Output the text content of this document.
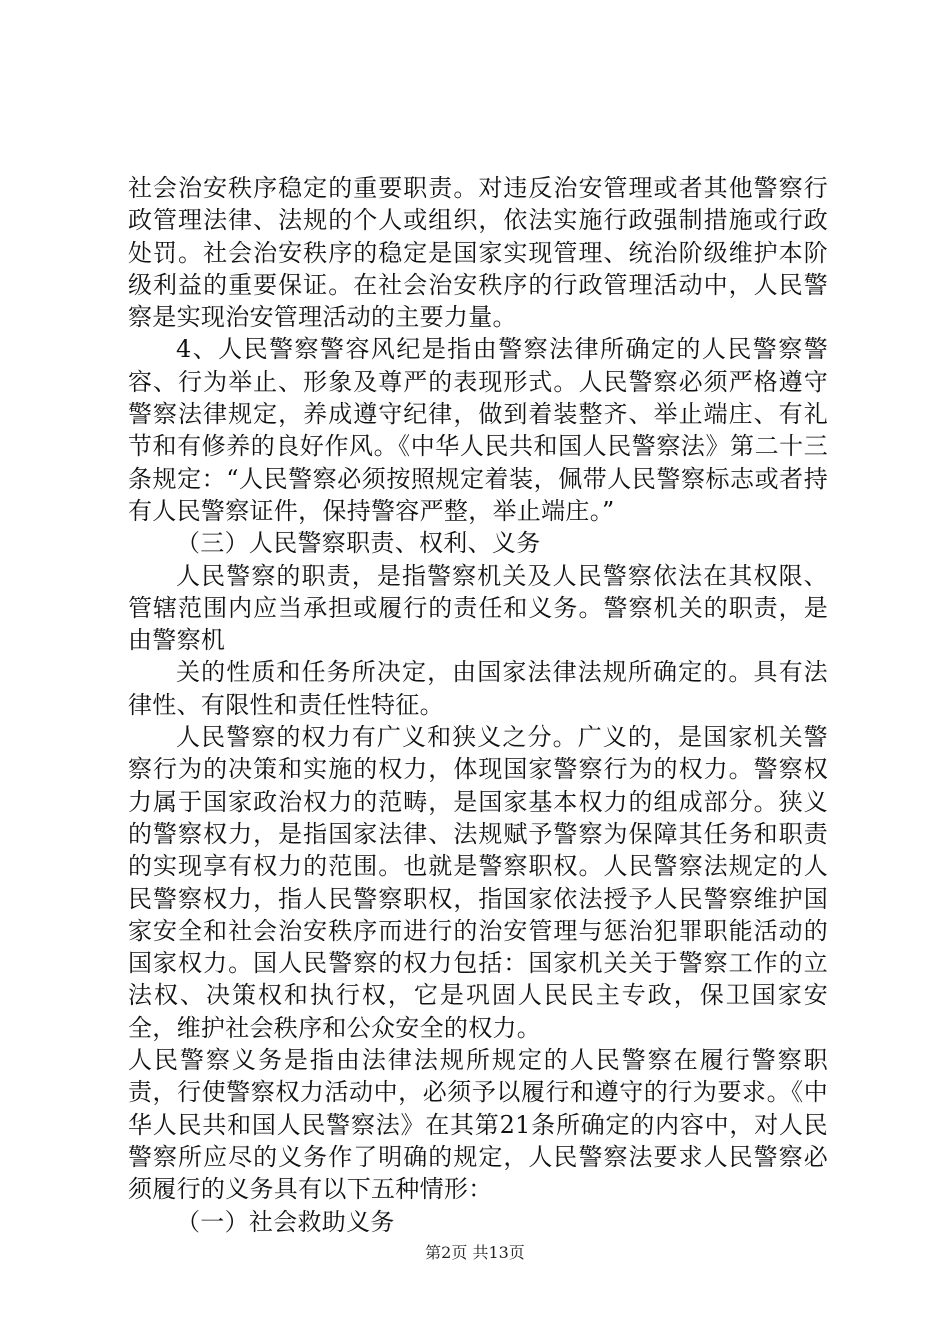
社会治安秩序稳定的重要职责。对违反治安管理或者其他警察行政管理法律、法规的个人或组织，依法实施行政强制措施或行政处罚。社会治安秩序的稳定是国家实现管理、统治阶级维护本阶级利益的重要保证。在社会治安秩序的行政管理活动中，人民警察是实现治安管理活动的主要力量。

4、人民警察警容风纪是指由警察法律所确定的人民警察警容、行为举止、形象及尊严的表现形式。人民警察必须严格遵守警察法律规定，养成遵守纪律，做到着装整齐、举止端庄、有礼节和有修养的良好作风。《中华人民共和国人民警察法》第二十三条规定：“人民警察必须按照规定着装，佩带人民警察标志或者持有人民警察证件，保持警容严整，举止端庄。”

（三）人民警察职责、权利、义务

人民警察的职责，是指警察机关及人民警察依法在其权限、管辖范围内应当承担或履行的责任和义务。警察机关的职责，是由警察机

关的性质和任务所决定，由国家法律法规所确定的。具有法律性、有限性和责任性特征。

人民警察的权力有广义和狭义之分。广义的，是国家机关警察行为的决策和实施的权力，体现国家警察行为的权力。警察权力属于国家政治权力的范畴，是国家基本权力的组成部分。狭义的警察权力，是指国家法律、法规赋予警察为保障其任务和职责的实现享有权力的范围。也就是警察职权。人民警察法规定的人民警察权力，指人民警察职权，指国家依法授予人民警察维护国家安全和社会治安秩序而进行的治安管理与惩治犯罪职能活动的国家权力。国人民警察的权力包括：国家机关关于警察工作的立法权、决策权和执行权，它是巩固人民民主专政，保卫国家安全，维护社会秩序和公众安全的权力。

人民警察义务是指由法律法规所规定的人民警察在履行警察职责，行使警察权力活动中，必须予以履行和遵守的行为要求。《中华人民共和国人民警察法》在其第21条所确定的内容中，对人民警察所应尽的义务作了明确的规定，人民警察法要求人民警察必须履行的义务具有以下五种情形：

（一）社会救助义务

第2页 共13页
